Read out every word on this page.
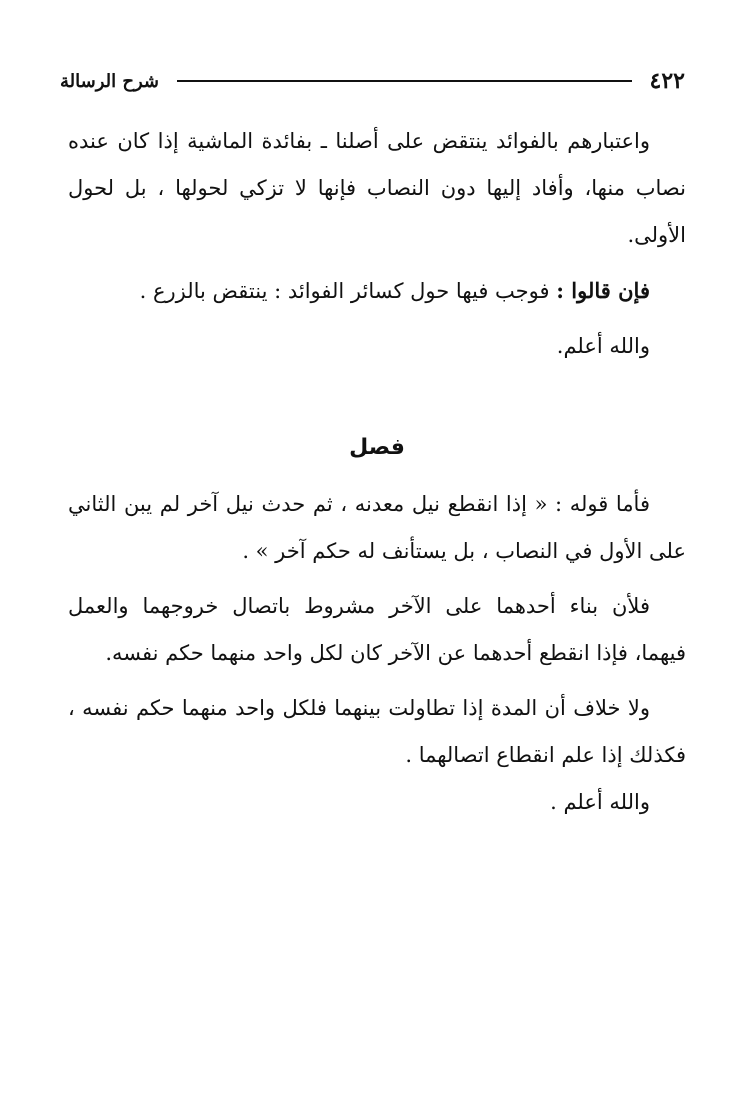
٤٢٢
شرح الرسالة

واعتبارهم بالفوائد ينتقض على أصلنا ـ بفائدة الماشية إذا كان عنده نصاب منها، وأفاد إليها دون النصاب فإنها لا تزكي لحولها ، بل لحول الأولى.

فإن قالوا : فوجب فيها حول كسائر الفوائد : ينتقض بالزرع .

والله أعلم.

فصل

فأما قوله : « إذا انقطع نيل معدنه ، ثم حدث نيل آخر لم يبن الثاني على الأول في النصاب ، بل يستأنف له حكم آخر » .

فلأن بناء أحدهما على الآخر مشروط باتصال خروجهما والعمل فيهما، فإذا انقطع أحدهما عن الآخر كان لكل واحد منهما حكم نفسه.

ولا خلاف أن المدة إذا تطاولت بينهما فلكل واحد منهما حكم نفسه ، فكذلك إذا علم انقطاع اتصالهما .

والله أعلم .
